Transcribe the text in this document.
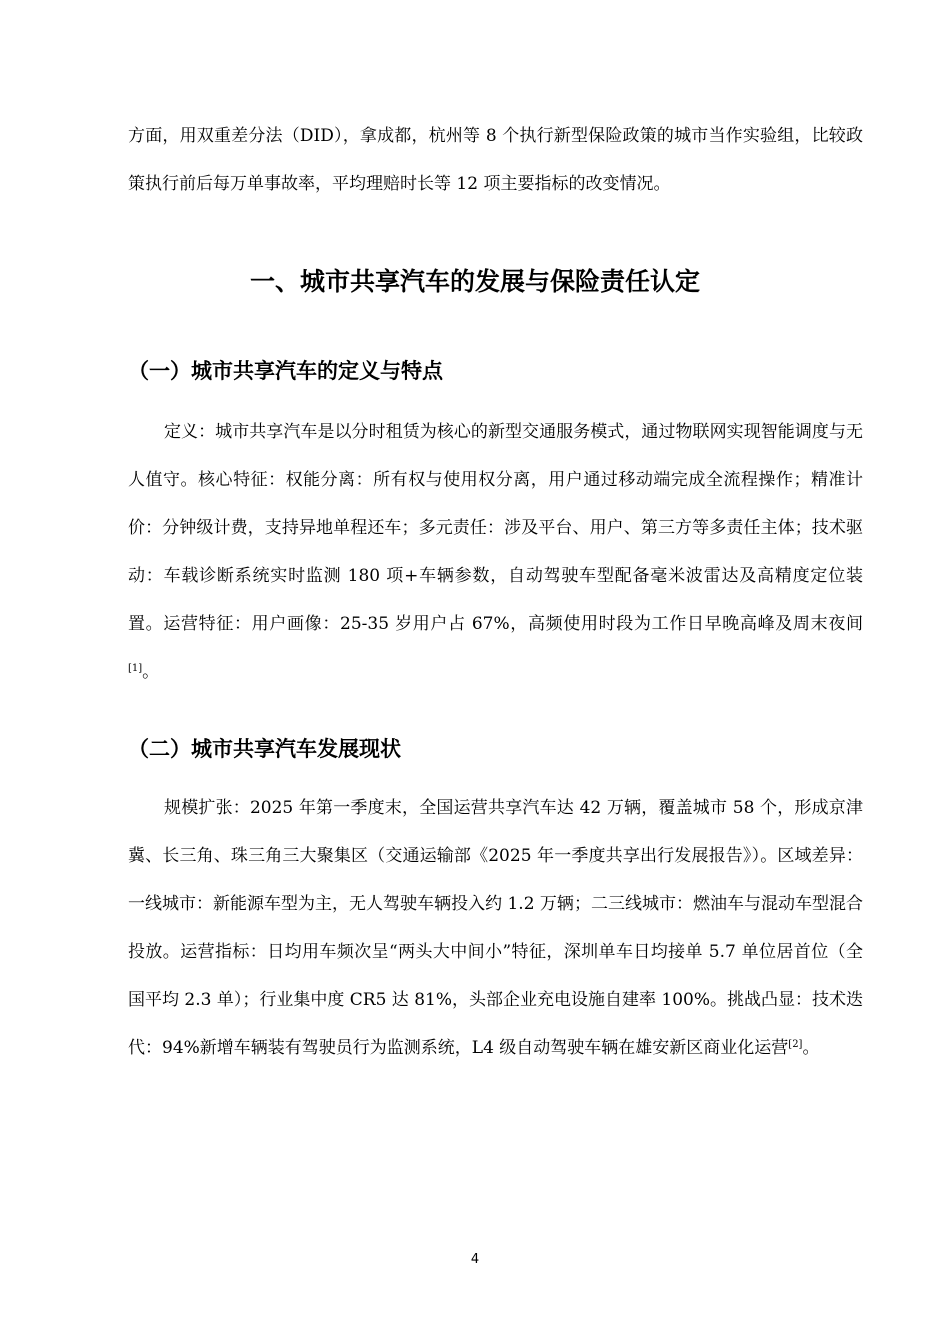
方面，用双重差分法（DID），拿成都，杭州等 8 个执行新型保险政策的城市当作实验组，比较政策执行前后每万单事故率，平均理赔时长等 12 项主要指标的改变情况。

一、城市共享汽车的发展与保险责任认定
（一）城市共享汽车的定义与特点

定义：城市共享汽车是以分时租赁为核心的新型交通服务模式，通过物联网实现智能调度与无人值守。核心特征：权能分离：所有权与使用权分离，用户通过移动端完成全流程操作；精准计价：分钟级计费，支持异地单程还车；多元责任：涉及平台、用户、第三方等多责任主体；技术驱动：车载诊断系统实时监测 180 项+车辆参数，自动驾驶车型配备毫米波雷达及高精度定位装置。运营特征：用户画像：25-35 岁用户占 67%，高频使用时段为工作日早晚高峰及周末夜间[1]。

（二）城市共享汽车发展现状

规模扩张：2025 年第一季度末，全国运营共享汽车达 42 万辆，覆盖城市 58 个，形成京津冀、长三角、珠三角三大聚集区（交通运输部《2025 年一季度共享出行发展报告》）。区域差异：一线城市：新能源车型为主，无人驾驶车辆投入约 1.2 万辆；二三线城市：燃油车与混动车型混合投放。运营指标：日均用车频次呈“两头大中间小”特征，深圳单车日均接单 5.7 单位居首位（全国平均 2.3 单）；行业集中度 CR5 达 81%，头部企业充电设施自建率 100%。挑战凸显：技术迭代：94%新增车辆装有驾驶员行为监测系统，L4 级自动驾驶车辆在雄安新区商业化运营[2]。

4
